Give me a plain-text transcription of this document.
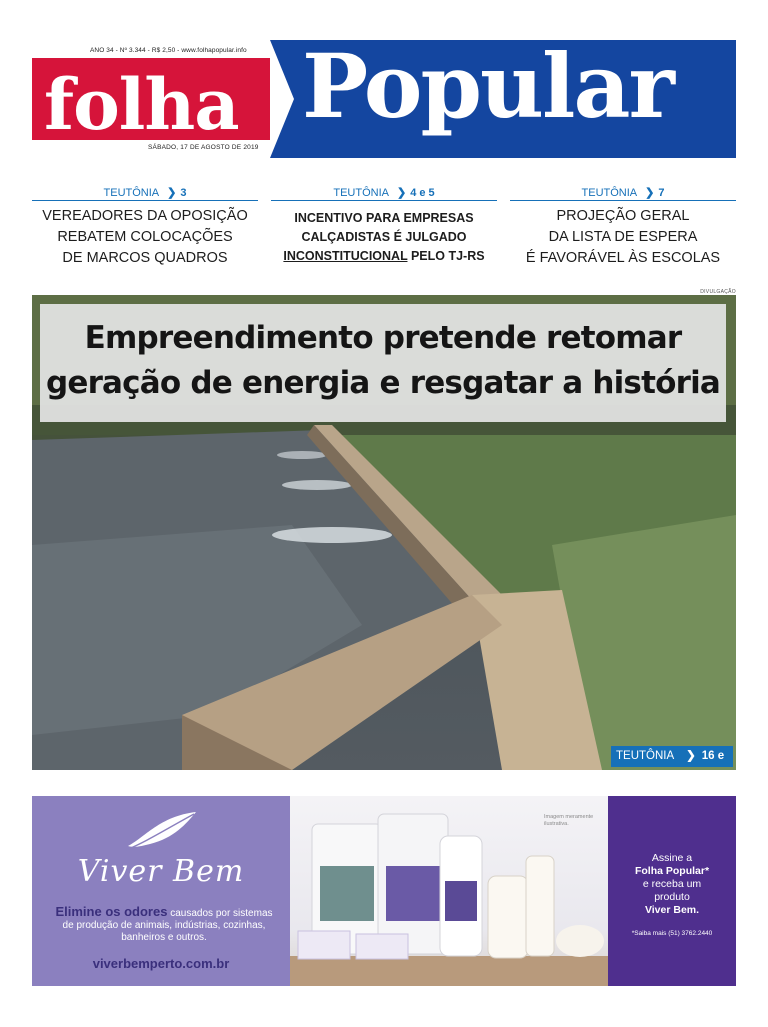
ANO 34 - Nº 3.344 - R$ 2,50 - www.folhapopular.info
folha Popular
SÁBADO, 17 DE AGOSTO DE 2019
TEUTÔNIA ❯ 3
VEREADORES DA OPOSIÇÃO
REBATEM COLOCAÇÕES
DE MARCOS QUADROS
TEUTÔNIA ❯ 4 e 5
INCENTIVO PARA EMPRESAS
CALÇADISTAS É JULGADO
INCONSTITUCIONAL PELO TJ-RS
TEUTÔNIA ❯ 7
PROJEÇÃO GERAL
DA LISTA DE ESPERA
É FAVORÁVEL ÀS ESCOLAS
DIVULGAÇÃO
Empreendimento pretende retomar
geração de energia e resgatar a história
TEUTÔNIA ❯ 16 e 17
Viver Bem
Elimine os odores causados por sistemas de produção de animais, indústrias, cozinhas, banheiros e outros.
viverbemperto.com.br
Imagem meramente ilustrativa.
Assine a
Folha Popular*
e receba um
produto
Viver Bem.
*Saiba mais (51) 3762.2440
